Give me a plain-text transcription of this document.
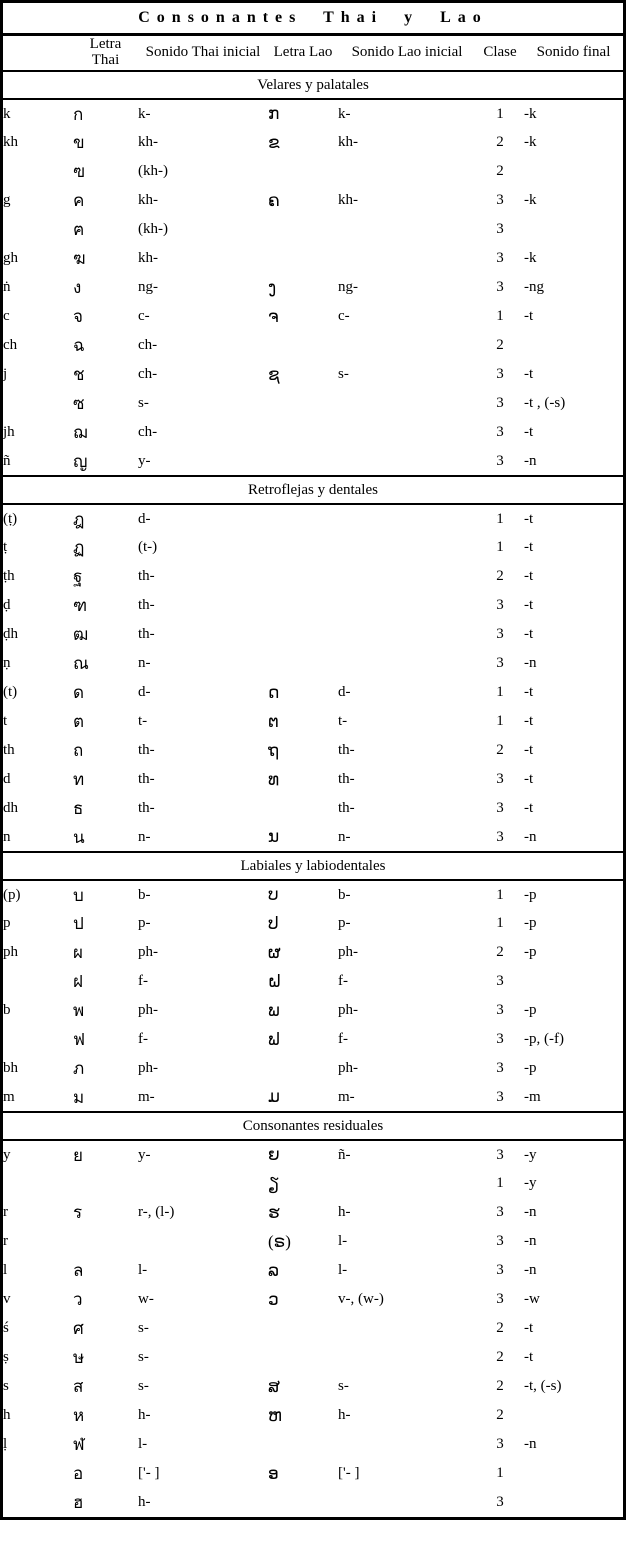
Consonantes Thai y Lao
	Letra Thai	Sonido Thai inicial	Letra Lao	Sonido Lao inicial	Clase	Sonido final
Velares y palatales						
k	ก	k-	ກ	k-	1	-k
kh	ข	kh-	ຂ	kh-	2	-k
	ฃ	(kh-)			2	
g	ค	kh-	ຄ	kh-	3	-k
	ฅ	(kh-)			3	
gh	ฆ	kh-			3	-k
ṅ	ง	ng-	ງ	ng-	3	-ng
c	จ	c-	ຈ	c-	1	-t
ch	ฉ	ch-			2	
j	ช	ch-	ຊ	s-	3	-t
	ซ	s-			3	-t , (-s)
jh	ฌ	ch-			3	-t
ñ	ญ	y-			3	-n
Retroflejas y dentales						
(ṭ)	ฎ	d-			1	-t
ṭ	ฏ	(t-)			1	-t
ṭh	ฐ	th-			2	-t
ḍ	ฑ	th-			3	-t
ḍh	ฒ	th-			3	-t
ṇ	ณ	n-			3	-n
(t)	ด	d-	ດ	d-	1	-t
t	ต	t-	ຕ	t-	1	-t
th	ถ	th-	ຖ	th-	2	-t
d	ท	th-	ທ	th-	3	-t
dh	ธ	th-		th-	3	-t
n	น	n-	ນ	n-	3	-n
Labiales y labiodentales						
(p)	บ	b-	ບ	b-	1	-p
p	ป	p-	ປ	p-	1	-p
ph	ผ	ph-	ຜ	ph-	2	-p
	ฝ	f-	ຝ	f-	3	
b	พ	ph-	ພ	ph-	3	-p
	ฟ	f-	ຟ	f-	3	-p, (-f)
bh	ภ	ph-		ph-	3	-p
m	ม	m-	ມ	m-	3	-m
Consonantes residuales						
y	ย	y-	ຍ	ñ-	3	-y
			ຽ		1	-y
r	ร	r-, (l-)	ຮ	h-	3	-n
r			(ຣ)	l-	3	-n
l	ล	l-	ລ	l-	3	-n
v	ว	w-	ວ	v-, (w-)	3	-w
ś	ศ	s-			2	-t
ṣ	ษ	s-			2	-t
s	ส	s-	ສ	s-	2	-t, (-s)
h	ห	h-	ຫ	h-	2	
ḷ	ฬ	l-			3	-n
	อ	['- ]	ອ	['- ]	1	
	ฮ	h-			3	
